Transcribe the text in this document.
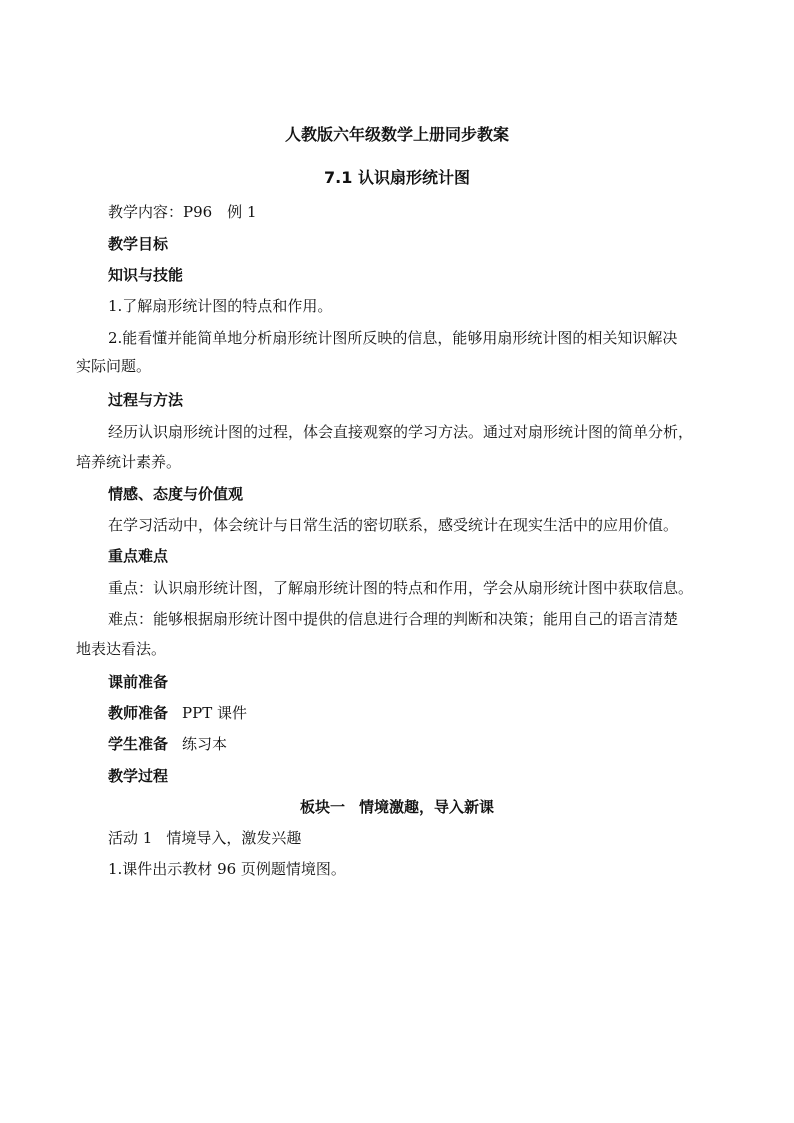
人教版六年级数学上册同步教案
7.1 认识扇形统计图
教学内容：P96　例 1
教学目标
知识与技能
1.了解扇形统计图的特点和作用。
2.能看懂并能简单地分析扇形统计图所反映的信息，能够用扇形统计图的相关知识解决
实际问题。
过程与方法
经历认识扇形统计图的过程，体会直接观察的学习方法。通过对扇形统计图的简单分析，
培养统计素养。
情感、态度与价值观
在学习活动中，体会统计与日常生活的密切联系，感受统计在现实生活中的应用价值。
重点难点
重点：认识扇形统计图，了解扇形统计图的特点和作用，学会从扇形统计图中获取信息。
难点：能够根据扇形统计图中提供的信息进行合理的判断和决策；能用自己的语言清楚
地表达看法。
课前准备
教师准备 PPT 课件
学生准备 练习本
教学过程
板块一 情境激趣，导入新课
活动 1 情境导入，激发兴趣
1.课件出示教材 96 页例题情境图。
